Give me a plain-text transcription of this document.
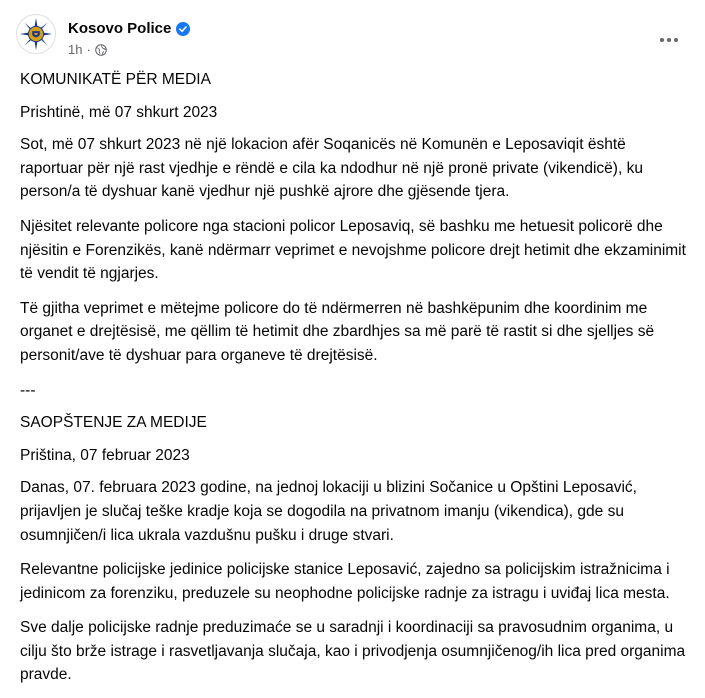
Kosovo Police
1h ·

KOMUNIKATË PËR MEDIA

Prishtinë, më 07 shkurt 2023

Sot, më 07 shkurt 2023 në një lokacion afër Soqanicës në Komunën e Leposaviqit është raportuar për një rast vjedhje e rëndë e cila ka ndodhur në një pronë private (vikendicë), ku person/a të dyshuar kanë vjedhur një pushkë ajrore dhe gjësende tjera.

Njësitet relevante policore nga stacioni policor Leposaviq, së bashku me hetuesit policorë dhe njësitin e Forenzikës, kanë ndërmarr veprimet e nevojshme policore drejt hetimit dhe ekzaminimit të vendit të ngjarjes.

Të gjitha veprimet e mëtejme policore do të ndërmerren në bashkëpunim dhe koordinim me organet e drejtësisë, me qëllim të hetimit dhe zbardhjes sa më parë të rastit si dhe sjelljes së personit/ave të dyshuar para organeve të drejtësisë.

---

SAOPŠTENJE ZA MEDIJE

Priština, 07 februar 2023

Danas, 07. februara 2023 godine, na jednoj lokaciji u blizini Sočanice u Opštini Leposavić, prijavljen je slučaj teške kradje koja se dogodila na privatnom imanju (vikendica), gde su osumnjičen/i lica ukrala vazdušnu pušku i druge stvari.

Relevantne policijske jedinice policijske stanice Leposavić, zajedno sa policijskim istražnicima i jedinicom za forenziku, preduzele su neophodne policijske radnje za istragu i uviđaj lica mesta.

Sve dalje policijske radnje preduzimaće se u saradnji i koordinaciji sa pravosudnim organima, u cilju što brže istrage i rasvetljavanja slučaja, kao i privodjenja osumnjičenog/ih lica pred organima pravde.
